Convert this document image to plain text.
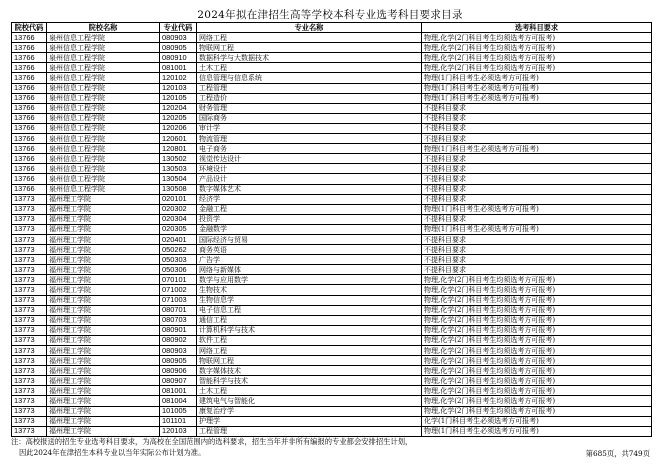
2024年拟在津招生高等学校本科专业选考科目要求目录
院校代码	院校名称	专业代码	专业名称	选考科目要求
13766	泉州信息工程学院	080903	网络工程	物理,化学(2门科目考生均须选考方可报考)
13766	泉州信息工程学院	080905	物联网工程	物理,化学(2门科目考生均须选考方可报考)
13766	泉州信息工程学院	080910	数据科学与大数据技术	物理,化学(2门科目考生均须选考方可报考)
13766	泉州信息工程学院	081001	土木工程	物理,化学(2门科目考生均须选考方可报考)
13766	泉州信息工程学院	120102	信息管理与信息系统	物理(1门科目考生必须选考方可报考)
13766	泉州信息工程学院	120103	工程管理	物理(1门科目考生必须选考方可报考)
13766	泉州信息工程学院	120105	工程造价	物理(1门科目考生必须选考方可报考)
13766	泉州信息工程学院	120204	财务管理	不提科目要求
13766	泉州信息工程学院	120205	国际商务	不提科目要求
13766	泉州信息工程学院	120206	审计学	不提科目要求
13766	泉州信息工程学院	120601	物流管理	不提科目要求
13766	泉州信息工程学院	120801	电子商务	物理(1门科目考生必须选考方可报考)
13766	泉州信息工程学院	130502	视觉传达设计	不提科目要求
13766	泉州信息工程学院	130503	环境设计	不提科目要求
13766	泉州信息工程学院	130504	产品设计	不提科目要求
13766	泉州信息工程学院	130508	数字媒体艺术	不提科目要求
13773	福州理工学院	020101	经济学	不提科目要求
13773	福州理工学院	020302	金融工程	物理(1门科目考生必须选考方可报考)
13773	福州理工学院	020304	投资学	不提科目要求
13773	福州理工学院	020305	金融数学	物理(1门科目考生必须选考方可报考)
13773	福州理工学院	020401	国际经济与贸易	不提科目要求
13773	福州理工学院	050262	商务英语	不提科目要求
13773	福州理工学院	050303	广告学	不提科目要求
13773	福州理工学院	050306	网络与新媒体	不提科目要求
13773	福州理工学院	070101	数学与应用数学	物理,化学(2门科目考生均须选考方可报考)
13773	福州理工学院	071002	生物技术	物理,化学(2门科目考生均须选考方可报考)
13773	福州理工学院	071003	生物信息学	物理,化学(2门科目考生均须选考方可报考)
13773	福州理工学院	080701	电子信息工程	物理,化学(2门科目考生均须选考方可报考)
13773	福州理工学院	080703	通信工程	物理,化学(2门科目考生均须选考方可报考)
13773	福州理工学院	080901	计算机科学与技术	物理,化学(2门科目考生均须选考方可报考)
13773	福州理工学院	080902	软件工程	物理,化学(2门科目考生均须选考方可报考)
13773	福州理工学院	080903	网络工程	物理,化学(2门科目考生均须选考方可报考)
13773	福州理工学院	080905	物联网工程	物理,化学(2门科目考生均须选考方可报考)
13773	福州理工学院	080906	数字媒体技术	物理,化学(2门科目考生均须选考方可报考)
13773	福州理工学院	080907	智能科学与技术	物理,化学(2门科目考生均须选考方可报考)
13773	福州理工学院	081001	土木工程	物理,化学(2门科目考生均须选考方可报考)
13773	福州理工学院	081004	建筑电气与智能化	物理,化学(2门科目考生均须选考方可报考)
13773	福州理工学院	101005	康复治疗学	物理,化学(2门科目考生均须选考方可报考)
13773	福州理工学院	101101	护理学	化学(1门科目考生必须选考方可报考)
13773	福州理工学院	120103	工程管理	物理(1门科目考生必须选考方可报考)
注：高校报送的招生专业选考科目要求，为高校在全国范围内的选科要求，招生当年并非所有编报的专业都会安排招生计划，
因此2024年在津招生本科专业以当年实际公布计划为准。	第685页，共749页
